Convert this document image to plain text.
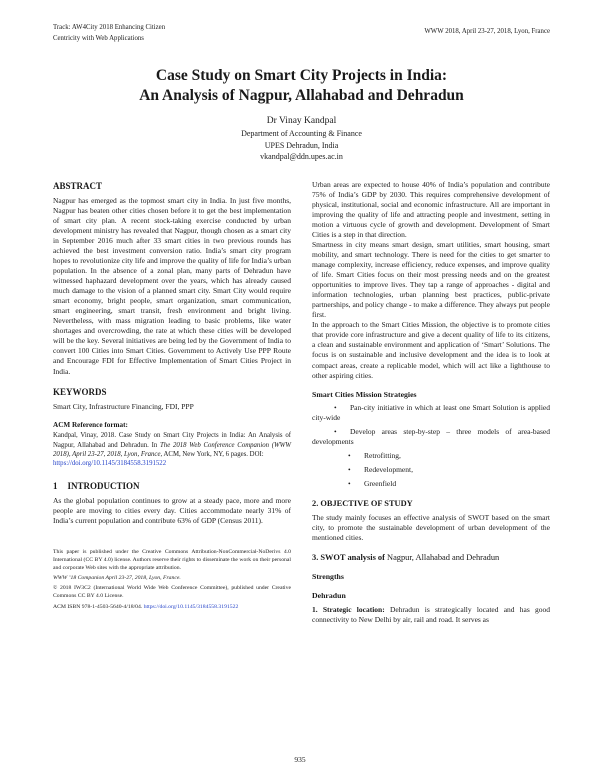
Track: AW4City 2018 Enhancing Citizen
Centricity with Web Applications
WWW 2018, April 23-27, 2018, Lyon, France
Case Study on Smart City Projects in India:
An Analysis of Nagpur, Allahabad and Dehradun
Dr Vinay Kandpal
Department of Accounting & Finance
UPES Dehradun, India
vkandpal@ddn.upes.ac.in
ABSTRACT

Nagpur has emerged as the topmost smart city in India. In just five months, Nagpur has beaten other cities chosen before it to get the best implementation of smart city plan. A recent stock-taking exercise conducted by urban development ministry has revealed that Nagpur, though chosen as a smart city in September 2016 much after 33 smart cities in two previous rounds has achieved the best investment conversion ratio. India’s smart city program hopes to revolutionize city life and improve the quality of life for India’s urban population. In the absence of a zonal plan, many parts of Dehradun have witnessed haphazard development over the years, which has already caused much damage to the vision of a planned smart city. Smart City would require smart economy, bright people, smart organization, smart communication, smart engineering, smart transit, fresh environment and bright living. Nevertheless, with mass migration leading to basic problems, like water shortages and overcrowding, the rate at which these cities will be developed will be the key. Several initiatives are being led by the Government of India to convert 100 Cities into Smart Cities. Government to Actively Use PPP Route and Encourage FDI for Effective Implementation of Smart Cities Project in India.

KEYWORDS

Smart City, Infrastructure Financing, FDI, PPP

ACM Reference format:

Kandpal, Vinay, 2018. Case Study on Smart City Projects in India: An Analysis of Nagpur, Allahabad and Dehradun. In The 2018 Web Conference Companion (WWW 2018), April 23-27, 2018, Lyon, France, ACM, New York, NY, 6 pages. DOI:

https://doi.org/10.1145/3184558.3191522

1 INTRODUCTION

As the global population continues to grow at a steady pace, more and more people are moving to cities every day. Cities accommodate nearly 31% of India’s current population and contribute 63% of GDP (Census 2011).

This paper is published under the Creative Commons Attribution-NonCommercial-NoDerivs 4.0 International (CC BY 4.0) license. Authors reserve their rights to disseminate the work on their personal and corporate Web sites with the appropriate attribution.

WWW ’18 Companion April 23-27, 2018, Lyon, France.

© 2018 IW3C2 (International World Wide Web Conference Committee), published under Creative Commons CC BY 4.0 License.

ACM ISBN 978-1-4503-5640-4/18/04. https://doi.org/10.1145/3184558.3191522

Urban areas are expected to house 40% of India’s population and contribute 75% of India’s GDP by 2030. This requires comprehensive development of physical, institutional, social and economic infrastructure. All are important in improving the quality of life and attracting people and investment, setting in motion a virtuous cycle of growth and development. Development of Smart Cities is a step in that direction.

Smartness in city means smart design, smart utilities, smart housing, smart mobility, and smart technology. There is need for the cities to get smarter to manage complexity, increase efficiency, reduce expenses, and improve quality of life. Smart Cities focus on their most pressing needs and on the greatest opportunities to improve lives. They tap a range of approaches - digital and information technologies, urban planning best practices, public-private partnerships, and policy change - to make a difference. They always put people first.

In the approach to the Smart Cities Mission, the objective is to promote cities that provide core infrastructure and give a decent quality of life to its citizens, a clean and sustainable environment and application of ‘Smart’ Solutions. The focus is on sustainable and inclusive development and the idea is to look at compact areas, create a replicable model, which will act like a lighthouse to other aspiring cities.

Smart Cities Mission Strategies
• Pan-city initiative in which at least one Smart Solution is applied city-wide
• Develop areas step-by-step – three models of area-based developments
• Retrofitting,
• Redevelopment,
• Greenfield
2. OBJECTIVE OF STUDY

The study mainly focuses an effective analysis of SWOT based on the smart city, to promote the sustainable development of urban development of the mentioned cities.

3. SWOT analysis of Nagpur, Allahabad and Dehradun
Strengths
Dehradun

1. Strategic location: Dehradun is strategically located and has good connectivity to New Delhi by air, rail and road. It serves as

935
